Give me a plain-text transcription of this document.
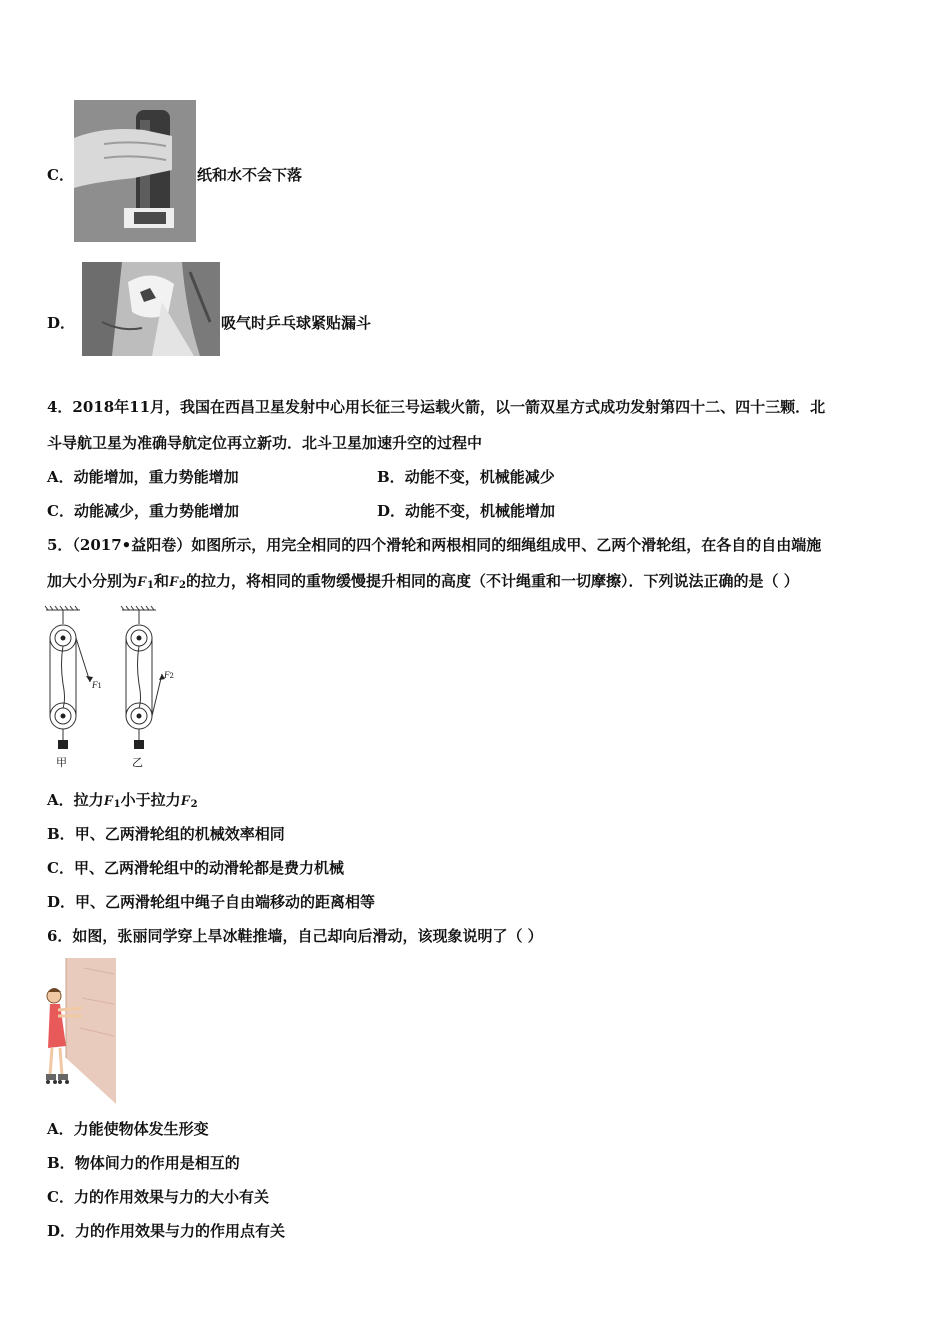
C．	纸和水不会下落
D．	吸气时乒乓球紧贴漏斗
4．2018年11月，我国在西昌卫星发射中心用长征三号运载火箭，以一箭双星方式成功发射第四十二、四十三颗．北
斗导航卫星为准确导航定位再立新功．北斗卫星加速升空的过程中
A．动能增加，重力势能增加	B．动能不变，机械能减少
C．动能减少，重力势能增加	D．动能不变，机械能增加
5．（2017•益阳卷）如图所示，用完全相同的四个滑轮和两根相同的细绳组成甲、乙两个滑轮组，在各自的自由端施
加大小分别为$F_1$和$F_2$的拉力，将相同的重物缓慢提升相同的高度（不计绳重和一切摩擦）．下列说法正确的是（ ）
F1
F2
甲	乙
A．拉力$F_1$小于拉力$F_2$
B．甲、乙两滑轮组的机械效率相同
C．甲、乙两滑轮组中的动滑轮都是费力机械
D．甲、乙两滑轮组中绳子自由端移动的距离相等
6．如图，张丽同学穿上旱冰鞋推墙，自己却向后滑动，该现象说明了（ ）
A．力能使物体发生形变
B．物体间力的作用是相互的
C．力的作用效果与力的大小有关
D．力的作用效果与力的作用点有关
